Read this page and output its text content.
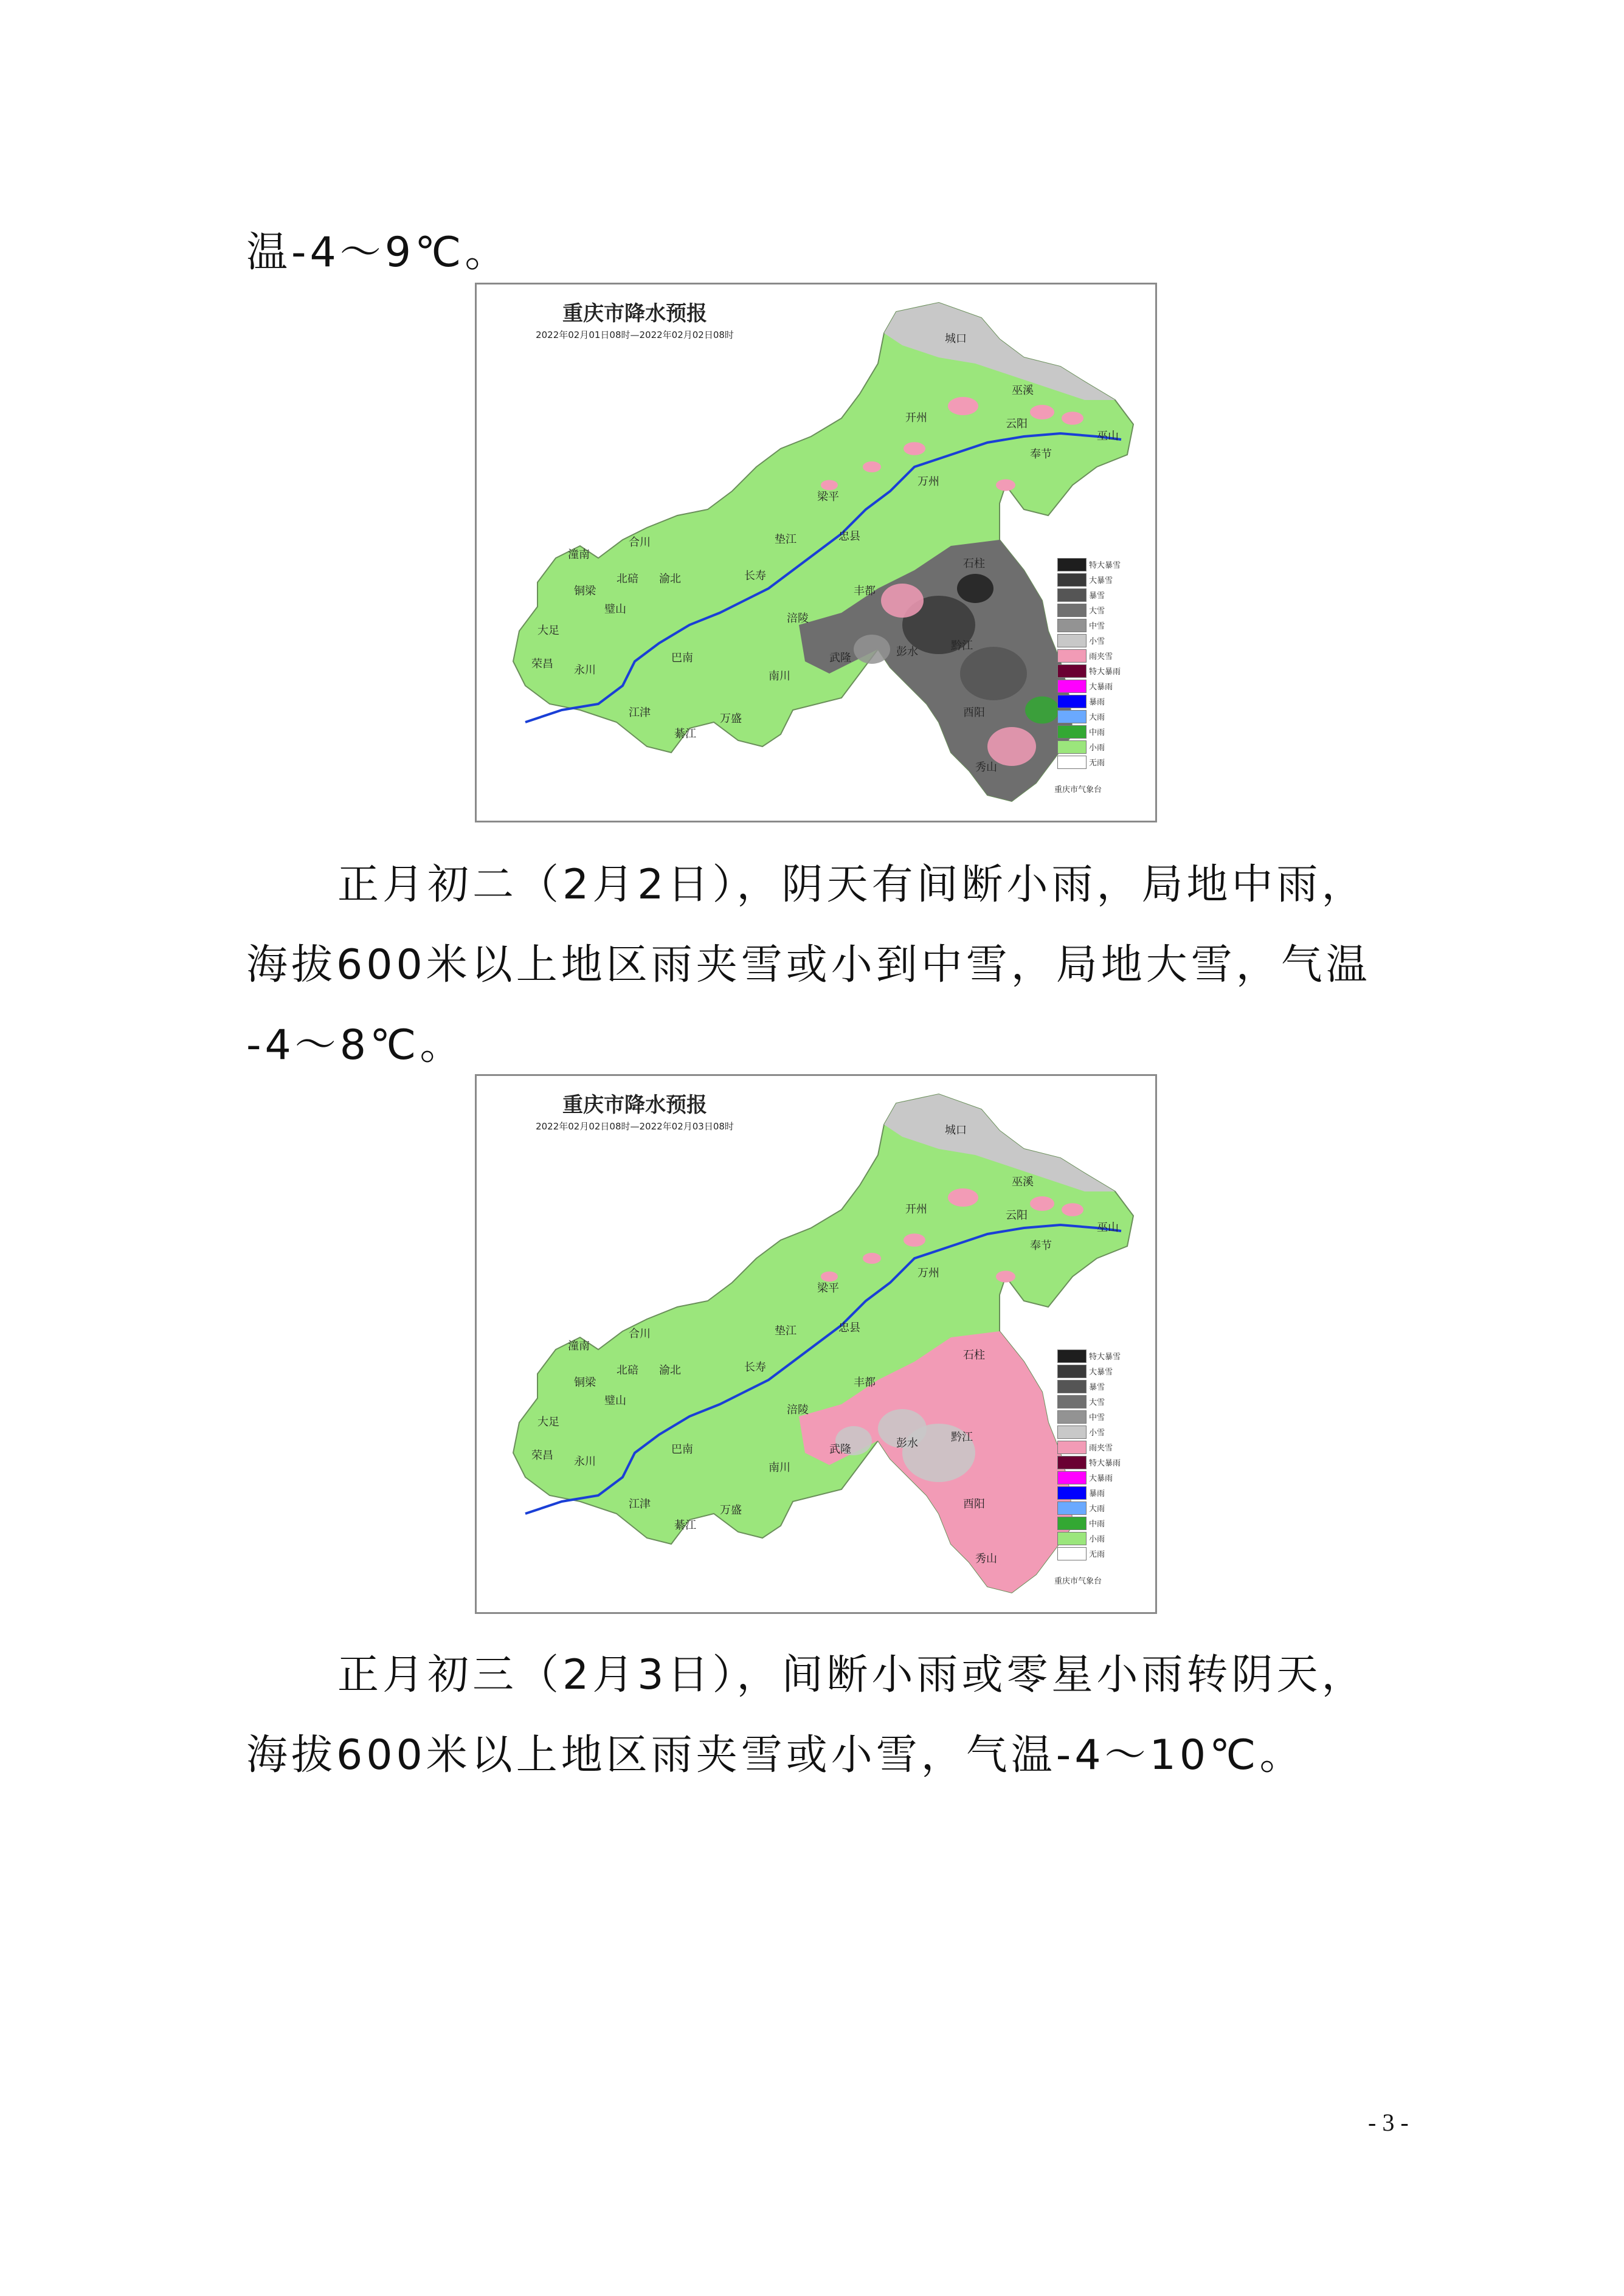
温-4～9℃。

城口
巫溪
开州	云阳
巫山
奉节
万州
梁平
忠县
垫江
长寿
石柱
丰都
涪陵
武隆	彭水	黔江
酉阳
秀山
南川
万盛
綦江
巴南
渝北
北碚
合川
潼南
铜梁
璧山
大足
荣昌 永川
江津
重庆市降水预报
2022年02月01日08时—2022年02月02日08时
特大暴雪
大暴雪
暴雪
大雪
中雪
小雪
雨夹雪
特大暴雨
大暴雨
暴雨
大雨
中雨
小雨
无雨
重庆市气象台

正月初二（2月2日），阴天有间断小雨，局地中雨，

海拔600米以上地区雨夹雪或小到中雪，局地大雪，气温

-4～8℃。

城口
巫溪
开州	云阳
巫山
奉节
万州
梁平
忠县
垫江
长寿
石柱
丰都
涪陵
武隆	彭水	黔江
酉阳
秀山
南川
万盛
綦江
巴南
渝北
北碚
合川
潼南
铜梁
璧山
大足
荣昌 永川
江津
重庆市降水预报
2022年02月02日08时—2022年02月03日08时
特大暴雪
大暴雪
暴雪
大雪
中雪
小雪
雨夹雪
特大暴雨
大暴雨
暴雨
大雨
中雨
小雨
无雨
重庆市气象台

正月初三（2月3日），间断小雨或零星小雨转阴天，

海拔600米以上地区雨夹雪或小雪，气温-4～10℃。

- 3 -
